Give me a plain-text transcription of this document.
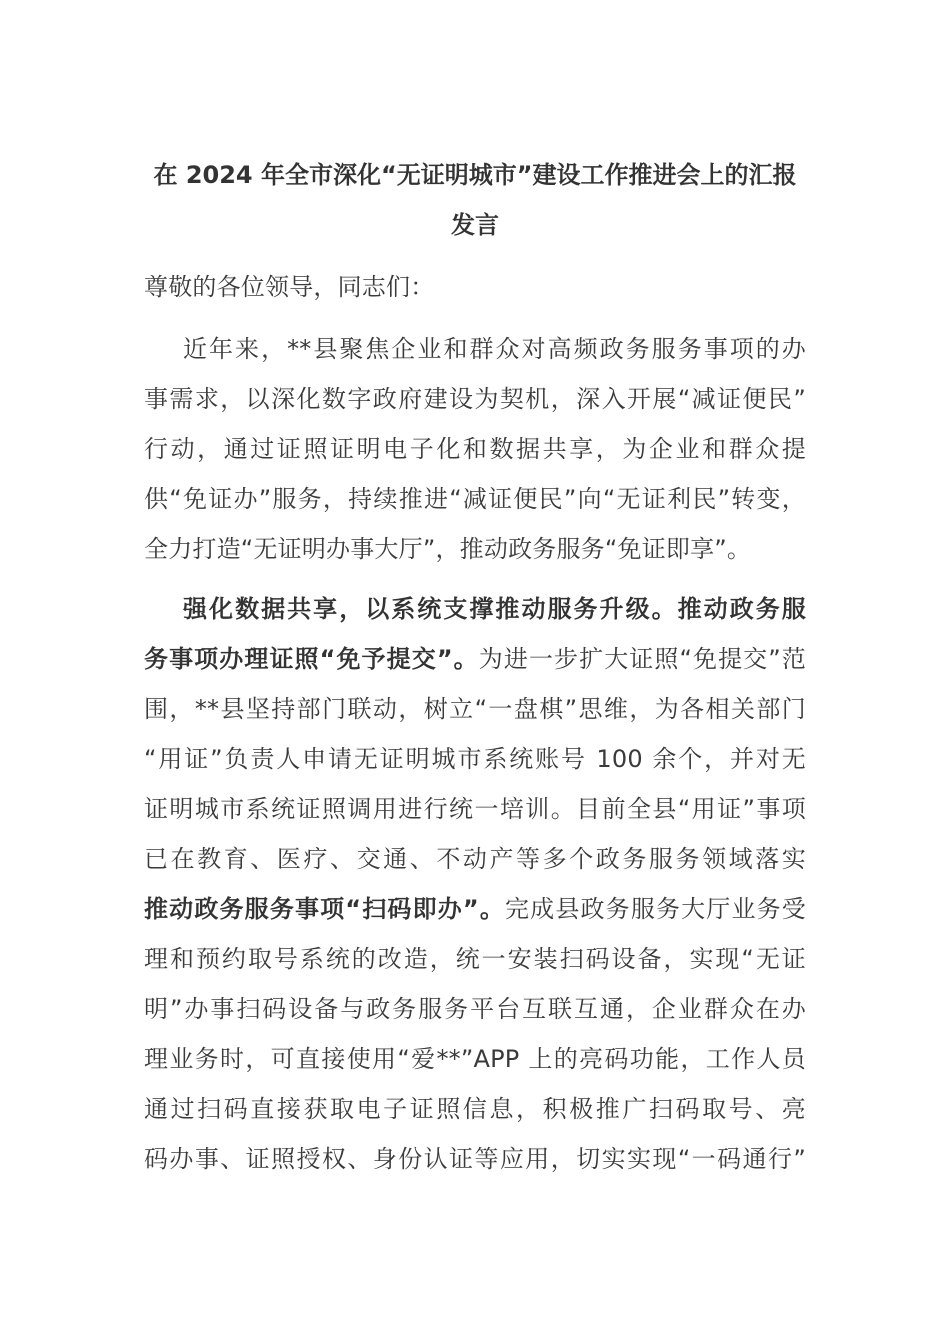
在 2024 年全市深化“无证明城市”建设工作推进会上的汇报
发言
尊敬的各位领导，同志们：
近年来，**县聚焦企业和群众对高频政务服务事项的办
事需求，以深化数字政府建设为契机，深入开展“减证便民”
行动，通过证照证明电子化和数据共享，为企业和群众提
供“免证办”服务，持续推进“减证便民”向“无证利民”转变，
全力打造“无证明办事大厅”，推动政务服务“免证即享”。
强化数据共享，以系统支撑推动服务升级。推动政务服
务事项办理证照“免予提交”。为进一步扩大证照“免提交”范
围，**县坚持部门联动，树立“一盘棋”思维，为各相关部门
“用证”负责人申请无证明城市系统账号 100 余个，并对无
证明城市系统证照调用进行统一培训。目前全县“用证”事项
已在教育、医疗、交通、不动产等多个政务服务领域落实
推动政务服务事项“扫码即办”。完成县政务服务大厅业务受
理和预约取号系统的改造，统一安装扫码设备，实现“无证
明”办事扫码设备与政务服务平台互联互通，企业群众在办
理业务时，可直接使用“爱**”APP 上的亮码功能，工作人员
通过扫码直接获取电子证照信息，积极推广扫码取号、亮
码办事、证照授权、身份认证等应用，切实实现“一码通行”
